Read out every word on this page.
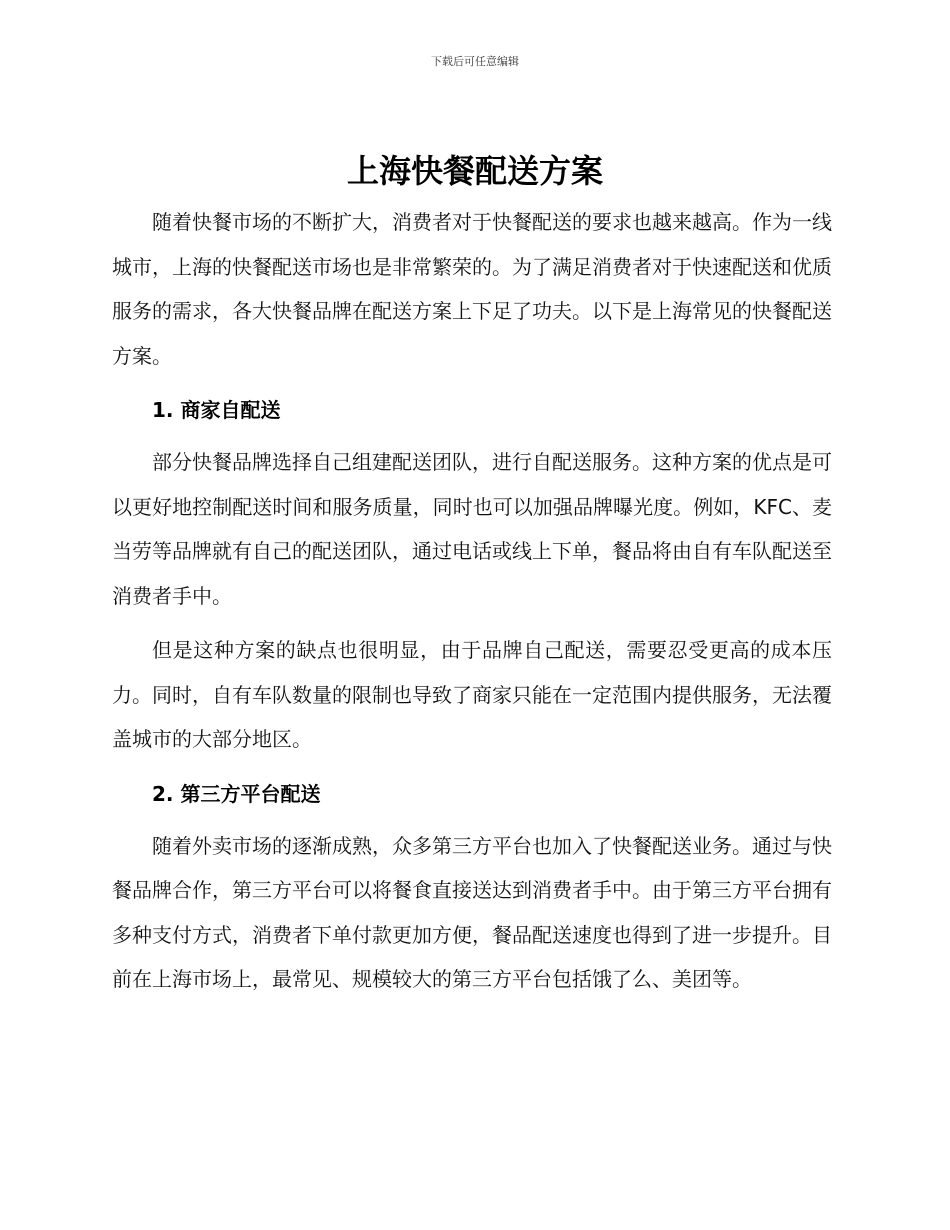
下载后可任意编辑
上海快餐配送方案

随着快餐市场的不断扩大，消费者对于快餐配送的要求也越来越高。作为一线城市，上海的快餐配送市场也是非常繁荣的。为了满足消费者对于快速配送和优质服务的需求，各大快餐品牌在配送方案上下足了功夫。以下是上海常见的快餐配送方案。

1. 商家自配送

部分快餐品牌选择自己组建配送团队，进行自配送服务。这种方案的优点是可以更好地控制配送时间和服务质量，同时也可以加强品牌曝光度。例如，KFC、麦当劳等品牌就有自己的配送团队，通过电话或线上下单，餐品将由自有车队配送至消费者手中。

但是这种方案的缺点也很明显，由于品牌自己配送，需要忍受更高的成本压力。同时，自有车队数量的限制也导致了商家只能在一定范围内提供服务，无法覆盖城市的大部分地区。

2. 第三方平台配送

随着外卖市场的逐渐成熟，众多第三方平台也加入了快餐配送业务。通过与快餐品牌合作，第三方平台可以将餐食直接送达到消费者手中。由于第三方平台拥有多种支付方式，消费者下单付款更加方便，餐品配送速度也得到了进一步提升。目前在上海市场上，最常见、规模较大的第三方平台包括饿了么、美团等。
